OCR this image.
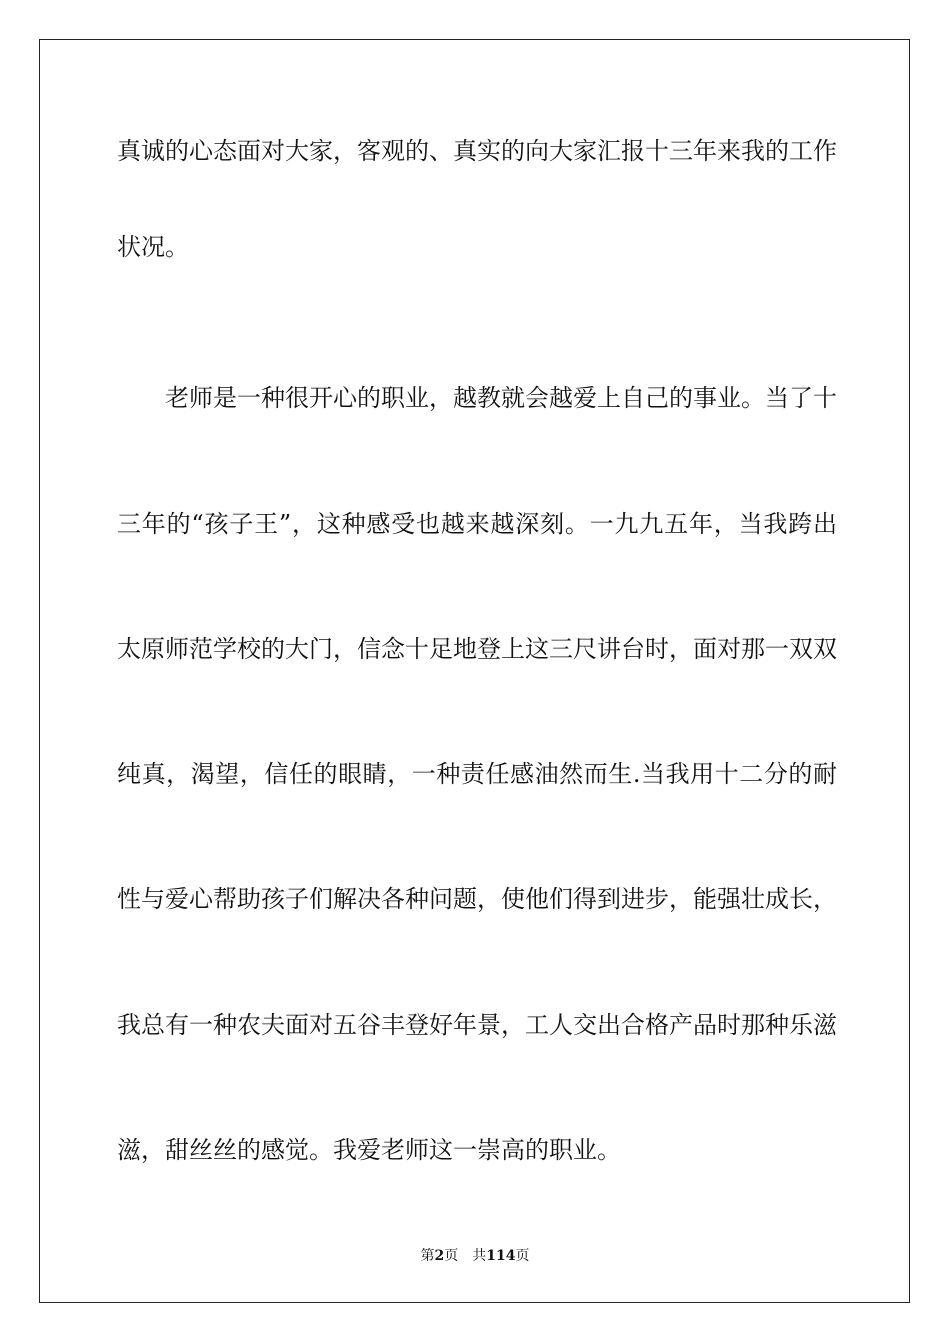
真诚的心态面对大家，客观的、真实的向大家汇报十三年来我的工作
状况。
　　老师是一种很开心的职业，越教就会越爱上自己的事业。当了十
三年的“孩子王”，这种感受也越来越深刻。一九九五年，当我跨出
太原师范学校的大门，信念十足地登上这三尺讲台时，面对那一双双
纯真，渴望，信任的眼睛，一种责任感油然而生.当我用十二分的耐
性与爱心帮助孩子们解决各种问题，使他们得到进步，能强壮成长，
我总有一种农夫面对五谷丰登好年景，工人交出合格产品时那种乐滋
滋，甜丝丝的感觉。我爱老师这一崇高的职业。
第2页 共114页
